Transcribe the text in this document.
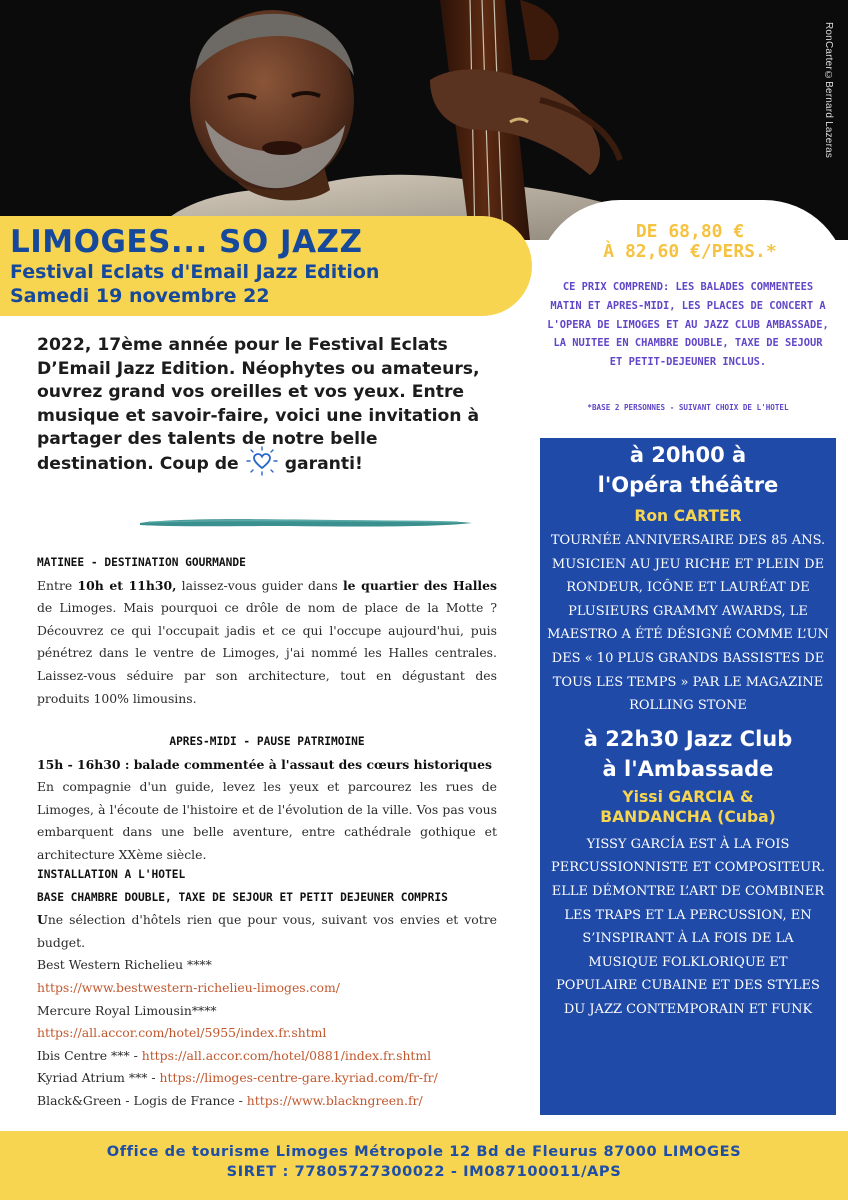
RonCarter©Bernard Lazeras
LIMOGES... SO JAZZ
Festival Eclats d'Email Jazz Edition
Samedi 19 novembre 22
DE 68,80 €
À 82,60 €/PERS.*
CE PRIX COMPREND: LES BALADES COMMENTEES MATIN ET APRES-MIDI, LES PLACES DE CONCERT A L'OPERA DE LIMOGES ET AU JAZZ CLUB AMBASSADE, LA NUITEE EN CHAMBRE DOUBLE, TAXE DE SEJOUR ET PETIT-DEJEUNER INCLUS.
*BASE 2 PERSONNES - SUIVANT CHOIX DE L'HOTEL
2022, 17ème année pour le Festival Eclats D’Email Jazz Edition. Néophytes ou amateurs, ouvrez grand vos oreilles et vos yeux. Entre musique et savoir-faire, voici une invitation à partager des talents de notre belle destination. Coup de	garanti!
MATINEE - DESTINATION GOURMANDE
Entre 10h et 11h30, laissez-vous guider dans le quartier des Halles de Limoges. Mais pourquoi ce drôle de nom de place de la Motte ? Découvrez ce qui l'occupait jadis et ce qui l'occupe aujourd'hui, puis pénétrez dans le ventre de Limoges, j'ai nommé les Halles centrales. Laissez-vous séduire par son architecture, tout en dégustant des produits 100% limousins.
APRES-MIDI - PAUSE PATRIMOINE
15h - 16h30 : balade commentée à l'assaut des cœurs historiques
En compagnie d'un guide, levez les yeux et parcourez les rues de Limoges, à l'écoute de l'histoire et de l'évolution de la ville. Vos pas vous embarquent dans une belle aventure, entre cathédrale gothique et architecture XXème siècle.
INSTALLATION A L'HOTEL
BASE CHAMBRE DOUBLE, TAXE DE SEJOUR ET PETIT DEJEUNER COMPRIS
Une sélection d'hôtels rien que pour vous, suivant vos envies et votre budget.
Best Western Richelieu ****
https://www.bestwestern-richelieu-limoges.com/
Mercure Royal Limousin****
https://all.accor.com/hotel/5955/index.fr.shtml
Ibis Centre *** - https://all.accor.com/hotel/0881/index.fr.shtml
Kyriad Atrium *** - https://limoges-centre-gare.kyriad.com/fr-fr/
Black&Green - Logis de France - https://www.blackngreen.fr/
à 20h00 à
l'Opéra théâtre
Ron CARTER
TOURNÉE ANNIVERSAIRE DES 85 ANS. MUSICIEN AU JEU RICHE ET PLEIN DE RONDEUR, ICÔNE ET LAURÉAT DE PLUSIEURS GRAMMY AWARDS, LE MAESTRO A ÉTÉ DÉSIGNÉ COMME L’UN DES « 10 PLUS GRANDS BASSISTES DE TOUS LES TEMPS » PAR LE MAGAZINE ROLLING STONE
à 22h30 Jazz Club
à l'Ambassade
Yissi GARCIA &
BANDANCHA (Cuba)
YISSY GARCÍA EST À LA FOIS PERCUSSIONNISTE ET COMPOSITEUR. ELLE DÉMONTRE L’ART DE COMBINER LES TRAPS ET LA PERCUSSION, EN S’INSPIRANT À LA FOIS DE LA MUSIQUE FOLKLORIQUE ET POPULAIRE CUBAINE ET DES STYLES DU JAZZ CONTEMPORAIN ET FUNK
Office de tourisme Limoges Métropole 12 Bd de Fleurus 87000 LIMOGES
SIRET : 77805727300022 - IM087100011/APS
